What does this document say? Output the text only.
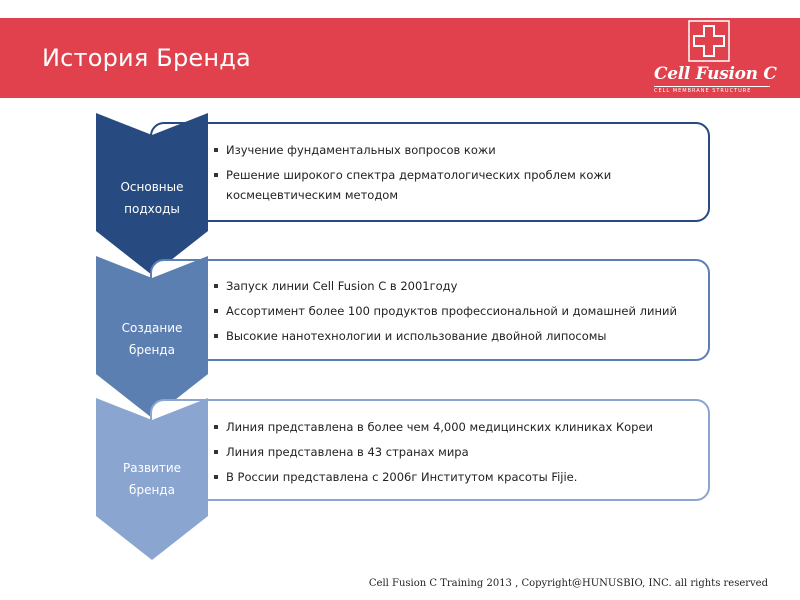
История Бренда
Cell Fusion C
CELL MEMBRANE STRUCTURE
Основные
подходы
Изучение фундаментальных вопросов кожи
Решение широкого спектра дерматологических проблем кожи космецевтическим методом
Создание
бренда
Запуск линии Cell Fusion C в 2001году
Ассортимент более 100 продуктов профессиональной и домашней линий
Высокие нанотехнологии и использование двойной липосомы
Развитие
бренда
Линия представлена в более чем 4,000 медицинских клиниках Кореи
Линия представлена в 43 странах мира
В России представлена с 2006г Институтом красоты Fijie.
Cell Fusion C Training 2013 , Copyright@HUNUSBIO, INC. all rights reserved
